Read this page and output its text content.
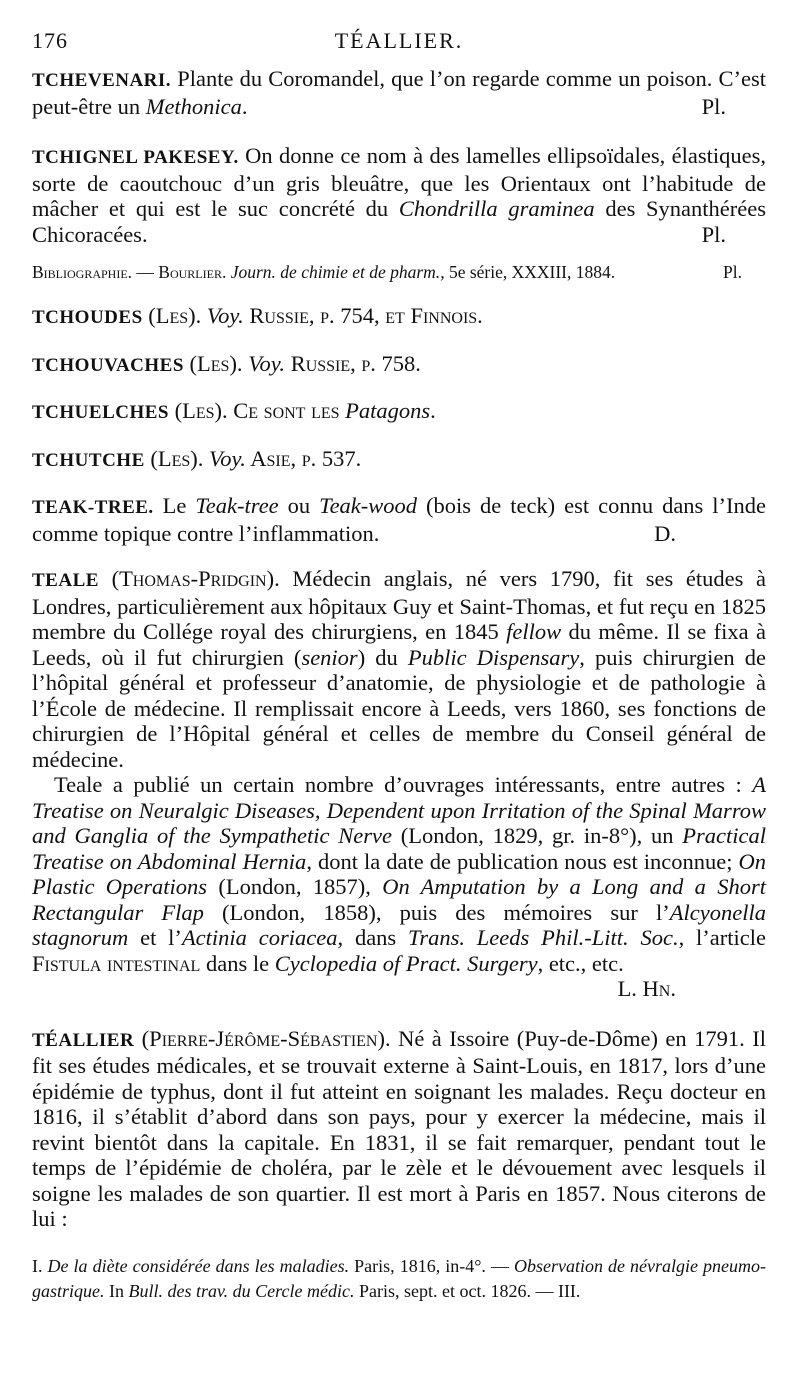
176	TÉALLIER.

TCHEVENARI. Plante du Coromandel, que l’on regarde comme un poison. C’est peut-être un Methonica.	Pl.

TCHIGNEL PAKESEY. On donne ce nom à des lamelles ellipsoïdales, élastiques, sorte de caoutchouc d’un gris bleuâtre, que les Orientaux ont l’habitude de mâcher et qui est le suc concrété du Chondrilla graminea des Synanthérées Chicoracées.	Pl.

Bibliographie. — Bourlier. Journ. de chimie et de pharm., 5e série, XXXIII, 1884.	Pl.

TCHOUDES (Les). Voy. Russie, p. 754, et Finnois.

TCHOUVACHES (Les). Voy. Russie, p. 758.

TCHUELCHES (Les). Ce sont les Patagons.

TCHUTCHE (Les). Voy. Asie, p. 537.

TEAK-TREE. Le Teak-tree ou Teak-wood (bois de teck) est connu dans l’Inde comme topique contre l’inflammation.	D.

TEALE (Thomas-Pridgin). Médecin anglais, né vers 1790, fit ses études à Londres, particulièrement aux hôpitaux Guy et Saint-Thomas, et fut reçu en 1825 membre du Collége royal des chirurgiens, en 1845 fellow du même. Il se fixa à Leeds, où il fut chirurgien (senior) du Public Dispensary, puis chirurgien de l’hôpital général et professeur d’anatomie, de physiologie et de pathologie à l’École de médecine. Il remplissait encore à Leeds, vers 1860, ses fonctions de chirurgien de l’Hôpital général et celles de membre du Conseil général de médecine.

Teale a publié un certain nombre d’ouvrages intéressants, entre autres : A Treatise on Neuralgic Diseases, Dependent upon Irritation of the Spinal Marrow and Ganglia of the Sympathetic Nerve (London, 1829, gr. in-8°), un Practical Treatise on Abdominal Hernia, dont la date de publication nous est inconnue; On Plastic Operations (London, 1857), On Amputation by a Long and a Short Rectangular Flap (London, 1858), puis des mémoires sur l’Alcyonella stagnorum et l’Actinia coriacea, dans Trans. Leeds Phil.-Litt. Soc., l’article Fistula intestinal dans le Cyclopedia of Pract. Surgery, etc., etc.

L. Hn.

TÉALLIER (Pierre-Jérôme-Sébastien). Né à Issoire (Puy-de-Dôme) en 1791. Il fit ses études médicales, et se trouvait externe à Saint-Louis, en 1817, lors d’une épidémie de typhus, dont il fut atteint en soignant les malades. Reçu docteur en 1816, il s’établit d’abord dans son pays, pour y exercer la médecine, mais il revint bientôt dans la capitale. En 1831, il se fait remarquer, pendant tout le temps de l’épidémie de choléra, par le zèle et le dévouement avec lesquels il soigne les malades de son quartier. Il est mort à Paris en 1857. Nous citerons de lui :

I. De la diète considérée dans les maladies. Paris, 1816, in-4°. — Observation de névralgie pneumo-gastrique. In Bull. des trav. du Cercle médic. Paris, sept. et oct. 1826. — III.
